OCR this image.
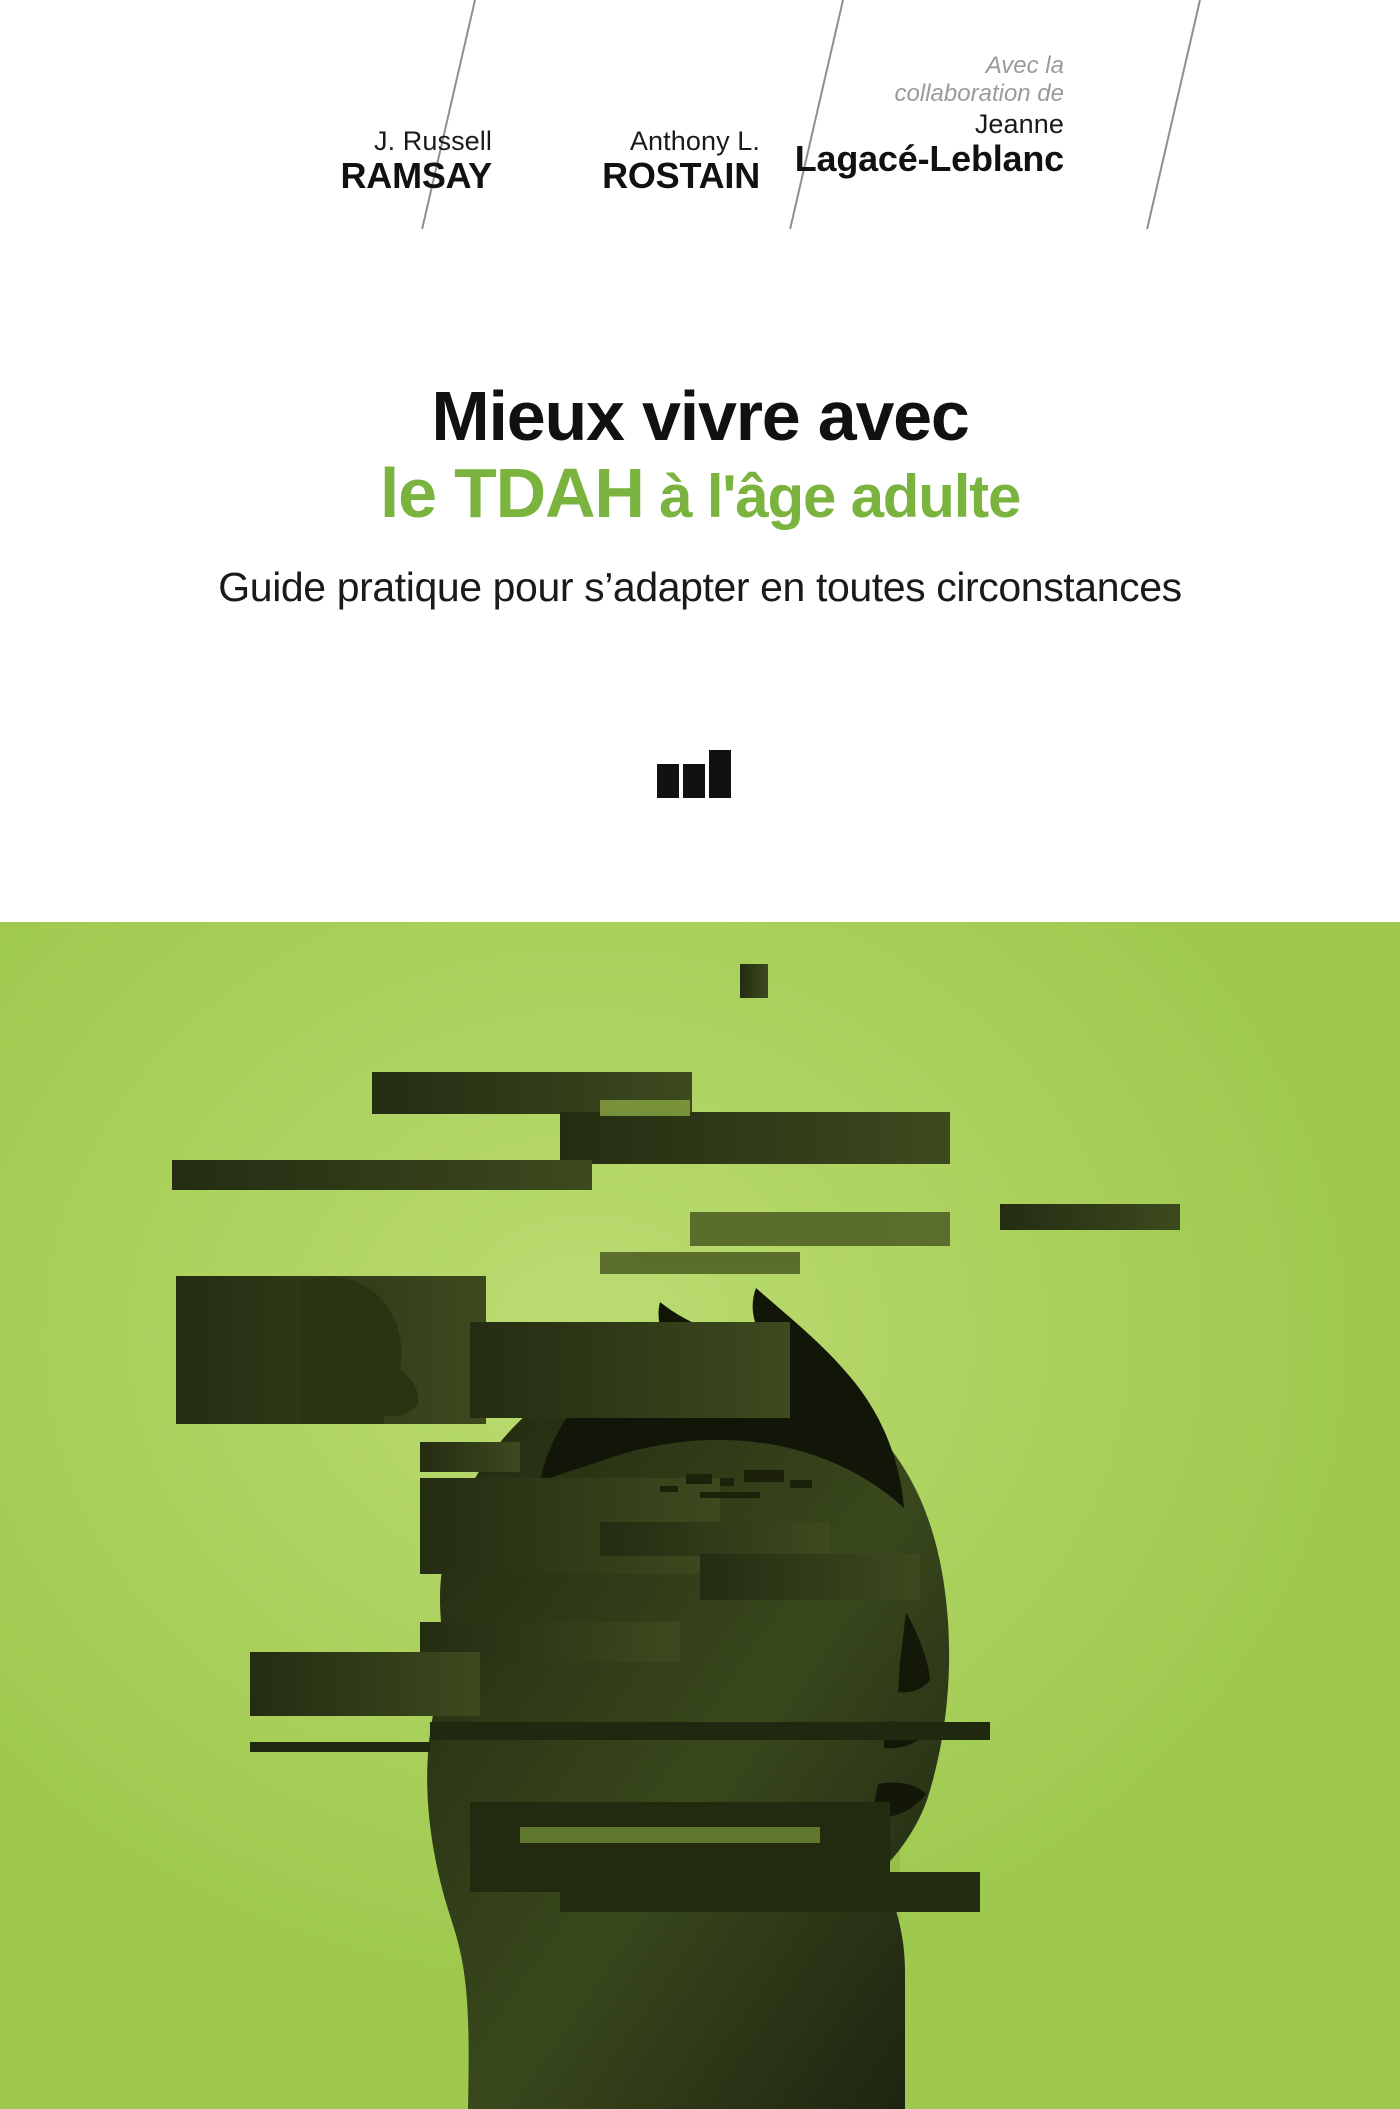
J. Russell
RAMSAY
Anthony L.
ROSTAIN
Avec la
collaboration de
Jeanne
Lagacé-Leblanc
Mieux vivre avec
le TDAH à l'âge adulte
Guide pratique pour s’adapter en toutes circonstances
